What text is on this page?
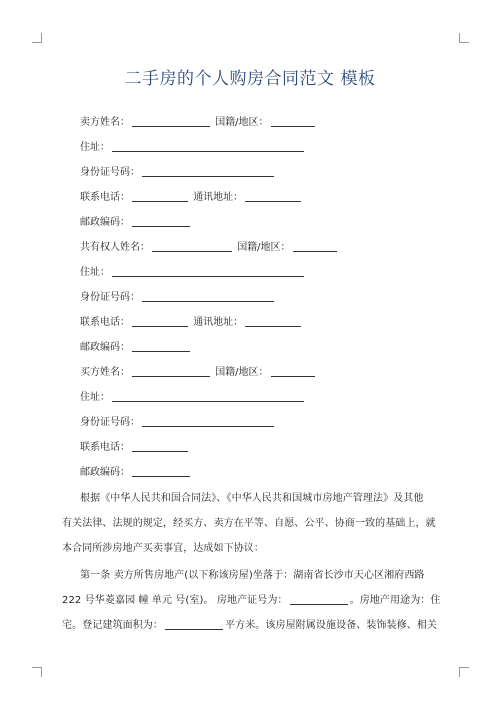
二手房的个人购房合同范文 模板
卖方姓名：	国籍/地区：
住址：
身份证号码：
联系电话：	通讯地址：
邮政编码：
共有权人姓名：	国籍/地区：
住址：
身份证号码：
联系电话：	通讯地址：
邮政编码：
买方姓名：	国籍/地区：
住址：
身份证号码：
联系电话：
邮政编码：
根据《中华人民共和国合同法》、《中华人民共和国城市房地产管理法》及其他
有关法律、法规的规定，经买方、卖方在平等、自愿、公平、协商一致的基础上，就
本合同所涉房地产买卖事宜，达成如下协议：
第一条 卖方所售房地产(以下称该房屋)坐落于：湖南省长沙市天心区湘府西路
222 号华菱嘉园 幢 单元 号(室)。 房地产证号为：	。房地产用途为：住
宅。登记建筑面积为：	平方米。该房屋附属设施设备、装饰装修、相关
